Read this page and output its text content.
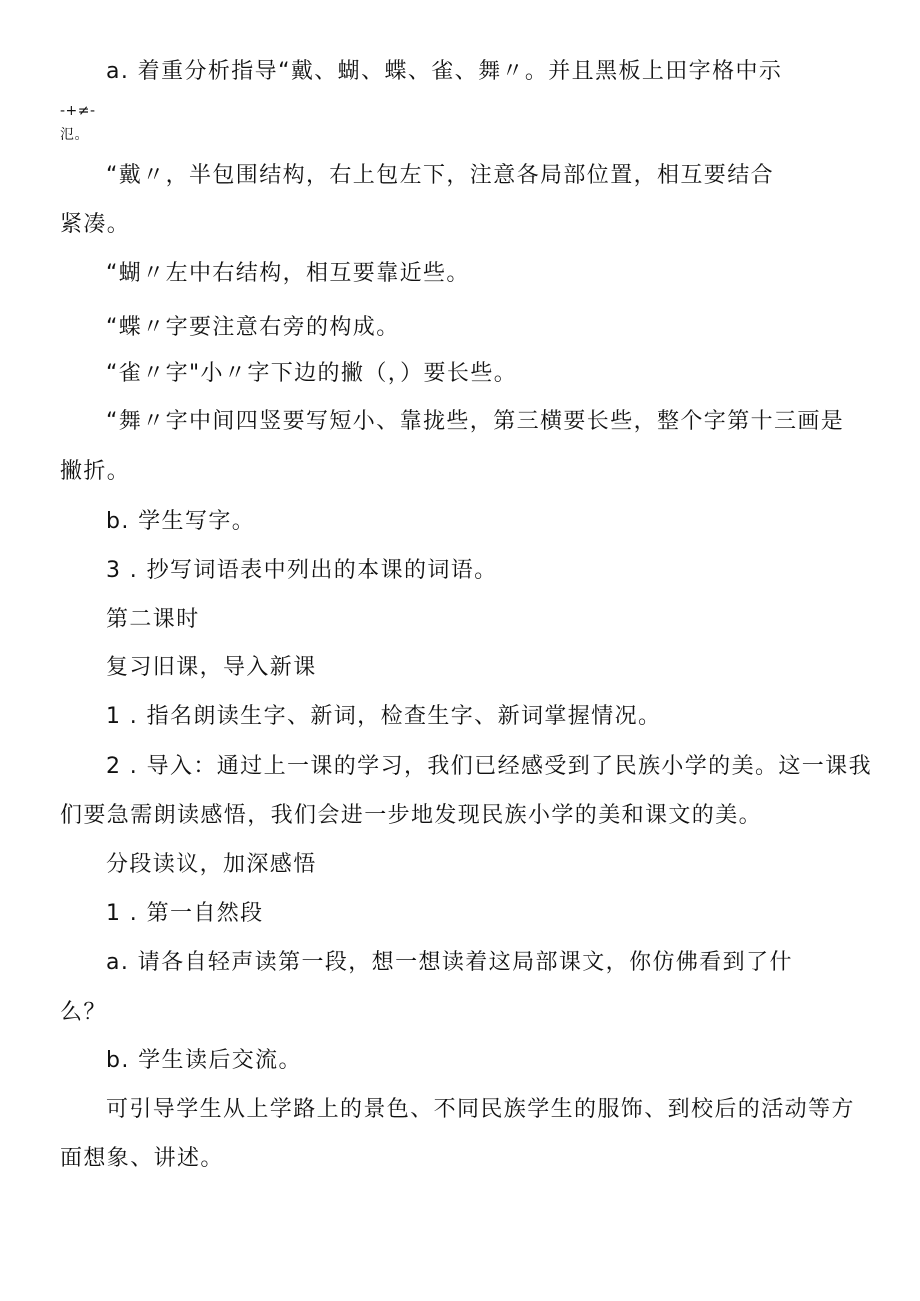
a. 着重分析指导“戴、蝴、蝶、雀、舞〃。并且黑板上田字格中示
-+≠-
氾。
“戴〃，半包围结构，右上包左下，注意各局部位置，相互要结合
紧凑。
“蝴〃左中右结构，相互要靠近些。
“蝶〃字要注意右旁的构成。
“雀〃字"小〃字下边的撇（，）要长些。
“舞〃字中间四竖要写短小、靠拢些，第三横要长些，整个字第十三画是
撇折。
b. 学生写字。
3 . 抄写词语表中列出的本课的词语。
第二课时
复习旧课，导入新课
1 . 指名朗读生字、新词，检查生字、新词掌握情况。
2 . 导入：通过上一课的学习，我们已经感受到了民族小学的美。这一课我
们要急需朗读感悟，我们会进一步地发现民族小学的美和课文的美。
分段读议，加深感悟
1 . 第一自然段
a. 请各自轻声读第一段，想一想读着这局部课文，你仿佛看到了什
么？
b. 学生读后交流。
可引导学生从上学路上的景色、不同民族学生的服饰、到校后的活动等方
面想象、讲述。
